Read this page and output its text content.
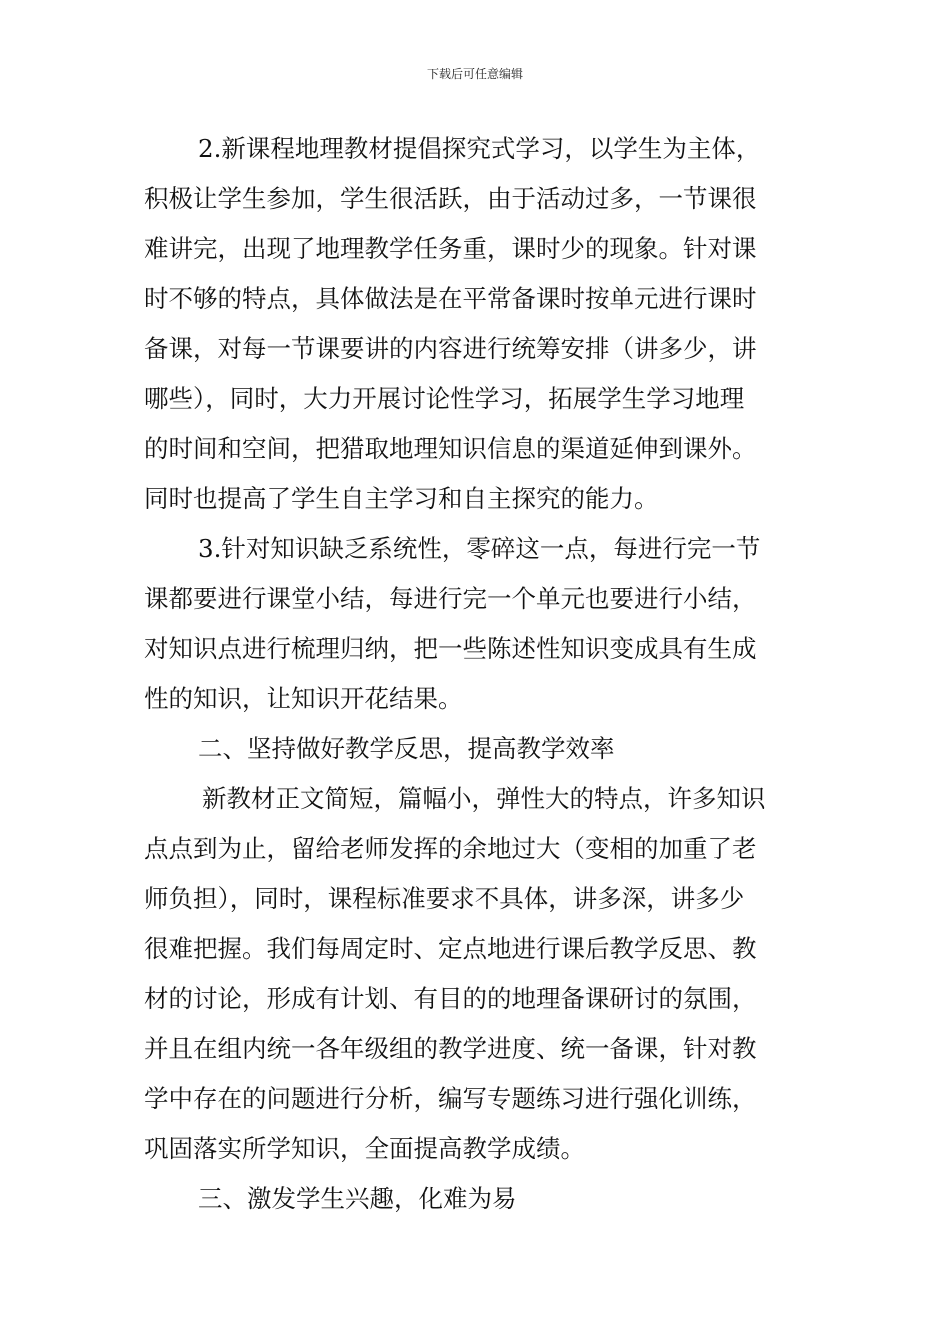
下载后可任意编辑
2.新课程地理教材提倡探究式学习，以学生为主体，
积极让学生参加，学生很活跃，由于活动过多，一节课很
难讲完，出现了地理教学任务重，课时少的现象。针对课
时不够的特点，具体做法是在平常备课时按单元进行课时
备课，对每一节课要讲的内容进行统筹安排（讲多少，讲
哪些），同时，大力开展讨论性学习，拓展学生学习地理
的时间和空间，把猎取地理知识信息的渠道延伸到课外。
同时也提高了学生自主学习和自主探究的能力。
3.针对知识缺乏系统性，零碎这一点，每进行完一节
课都要进行课堂小结，每进行完一个单元也要进行小结，
对知识点进行梳理归纳，把一些陈述性知识变成具有生成
性的知识，让知识开花结果。
二、坚持做好教学反思，提高教学效率
新教材正文简短，篇幅小，弹性大的特点，许多知识
点点到为止，留给老师发挥的余地过大（变相的加重了老
师负担），同时，课程标准要求不具体，讲多深，讲多少
很难把握。我们每周定时、定点地进行课后教学反思、教
材的讨论，形成有计划、有目的的地理备课研讨的氛围，
并且在组内统一各年级组的教学进度、统一备课，针对教
学中存在的问题进行分析，编写专题练习进行强化训练，
巩固落实所学知识，全面提高教学成绩。
三、激发学生兴趣，化难为易
